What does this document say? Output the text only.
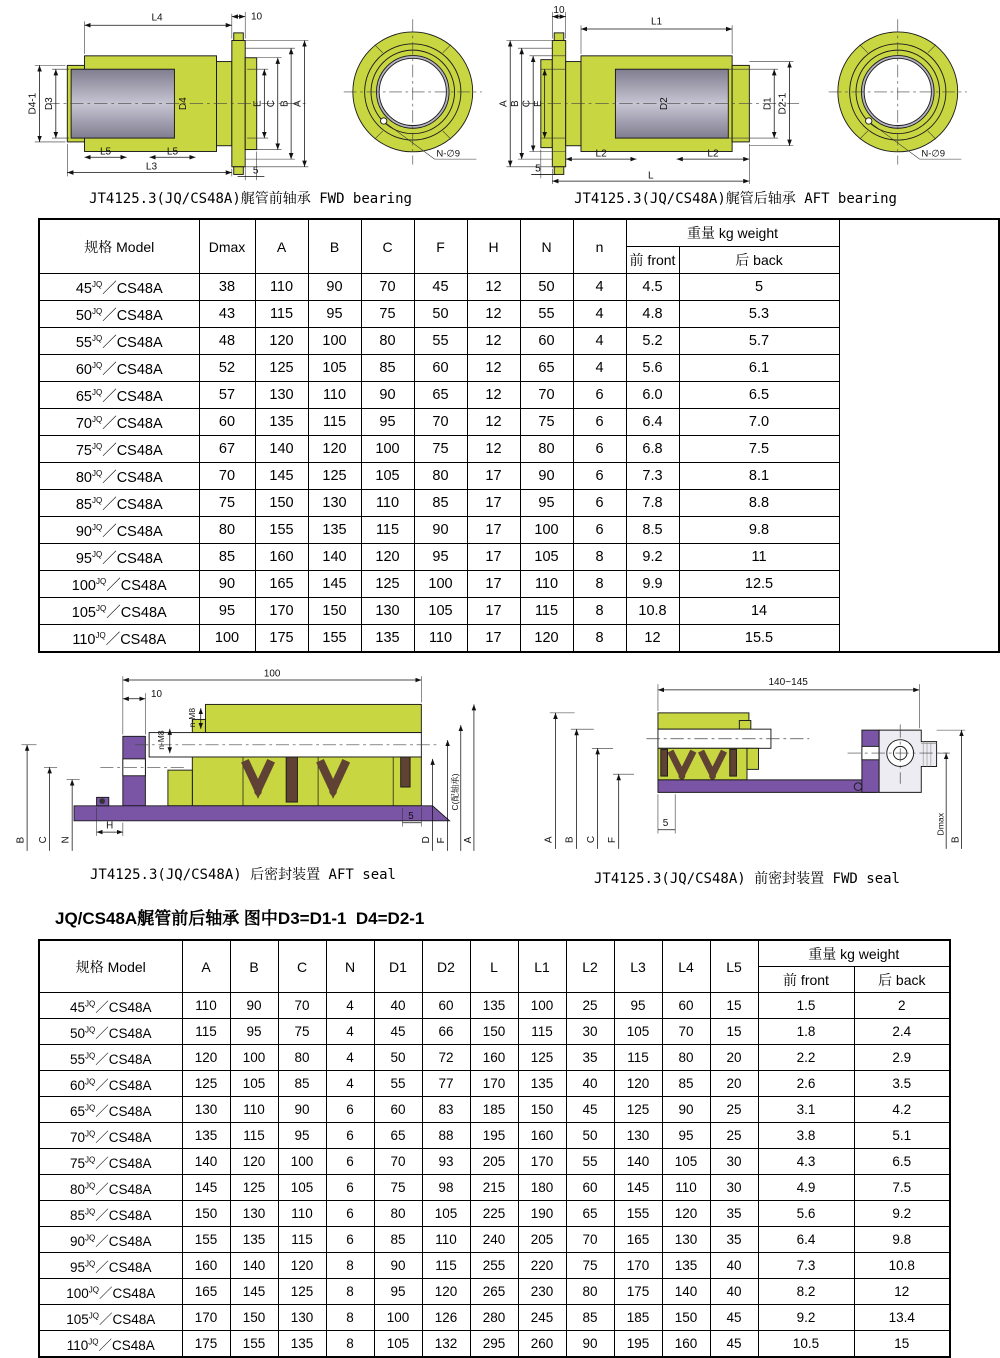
L4	10
D4-1 D3	D4	E C B A
L5	L5
L3	5
N-∅9
JT4125.3(JQ/CS48A)艉管前轴承 FWD bearing
10
L1
A B C E	D2	D1 D2-1
L2	L2
5
L
N-∅9
JT4125.3(JQ/CS48A)艉管后轴承 AFT bearing
规格 Model	Dmax	A	B	C	F	H	N	n	重量 kg weight	
									前 front	后 back
$45^{JQ}/CS48A$	38	110	90	70	45	12	50	4	4.5	5
$50^{JQ}/CS48A$	43	115	95	75	50	12	55	4	4.8	5.3
$55^{JQ}/CS48A$	48	120	100	80	55	12	60	4	5.2	5.7
$60^{JQ}/CS48A$	52	125	105	85	60	12	65	4	5.6	6.1
$65^{JQ}/CS48A$	57	130	110	90	65	12	70	6	6.0	6.5
$70^{JQ}/CS48A$	60	135	115	95	70	12	75	6	6.4	7.0
$75^{JQ}/CS48A$	67	140	120	100	75	12	80	6	6.8	7.5
$80^{JQ}/CS48A$	70	145	125	105	80	17	90	6	7.3	8.1
$85^{JQ}/CS48A$	75	150	130	110	85	17	95	6	7.8	8.8
$90^{JQ}/CS48A$	80	155	135	115	90	17	100	6	8.5	9.8
$95^{JQ}/CS48A$	85	160	140	120	95	17	105	8	9.2	11
$100^{JQ}/CS48A$	90	165	145	125	100	17	110	8	9.9	12.5
$105^{JQ}/CS48A$	95	170	150	130	105	17	115	8	10.8	14
$110^{JQ}/CS48A$	100	175	155	135	110	17	120	8	12	15.5
100
10
n-M8
n-M8
B C N
H
5
D F
C(配轴承)
A
JT4125.3(JQ/CS48A) 后密封装置 AFT seal
140~145
A B C F
5	Dmax
B
JT4125.3(JQ/CS48A) 前密封装置 FWD seal
JQ/CS48A艉管前后轴承 图中D3=D1-1  D4=D2-1
规格 Model	A	B	C	N	D1	D2	L	L1	L2	L3	L4	L5	重量 kg weight	
													前 front	后 back
$45^{JQ}/CS48A$	110	90	70	4	40	60	135	100	25	95	60	15	1.5	2
$50^{JQ}/CS48A$	115	95	75	4	45	66	150	115	30	105	70	15	1.8	2.4
$55^{JQ}/CS48A$	120	100	80	4	50	72	160	125	35	115	80	20	2.2	2.9
$60^{JQ}/CS48A$	125	105	85	4	55	77	170	135	40	120	85	20	2.6	3.5
$65^{JQ}/CS48A$	130	110	90	6	60	83	185	150	45	125	90	25	3.1	4.2
$70^{JQ}/CS48A$	135	115	95	6	65	88	195	160	50	130	95	25	3.8	5.1
$75^{JQ}/CS48A$	140	120	100	6	70	93	205	170	55	140	105	30	4.3	6.5
$80^{JQ}/CS48A$	145	125	105	6	75	98	215	180	60	145	110	30	4.9	7.5
$85^{JQ}/CS48A$	150	130	110	6	80	105	225	190	65	155	120	35	5.6	9.2
$90^{JQ}/CS48A$	155	135	115	6	85	110	240	205	70	165	130	35	6.4	9.8
$95^{JQ}/CS48A$	160	140	120	8	90	115	255	220	75	170	135	40	7.3	10.8
$100^{JQ}/CS48A$	165	145	125	8	95	120	265	230	80	175	140	40	8.2	12
$105^{JQ}/CS48A$	170	150	130	8	100	126	280	245	85	185	150	45	9.2	13.4
$110^{JQ}/CS48A$	175	155	135	8	105	132	295	260	90	195	160	45	10.5	15
